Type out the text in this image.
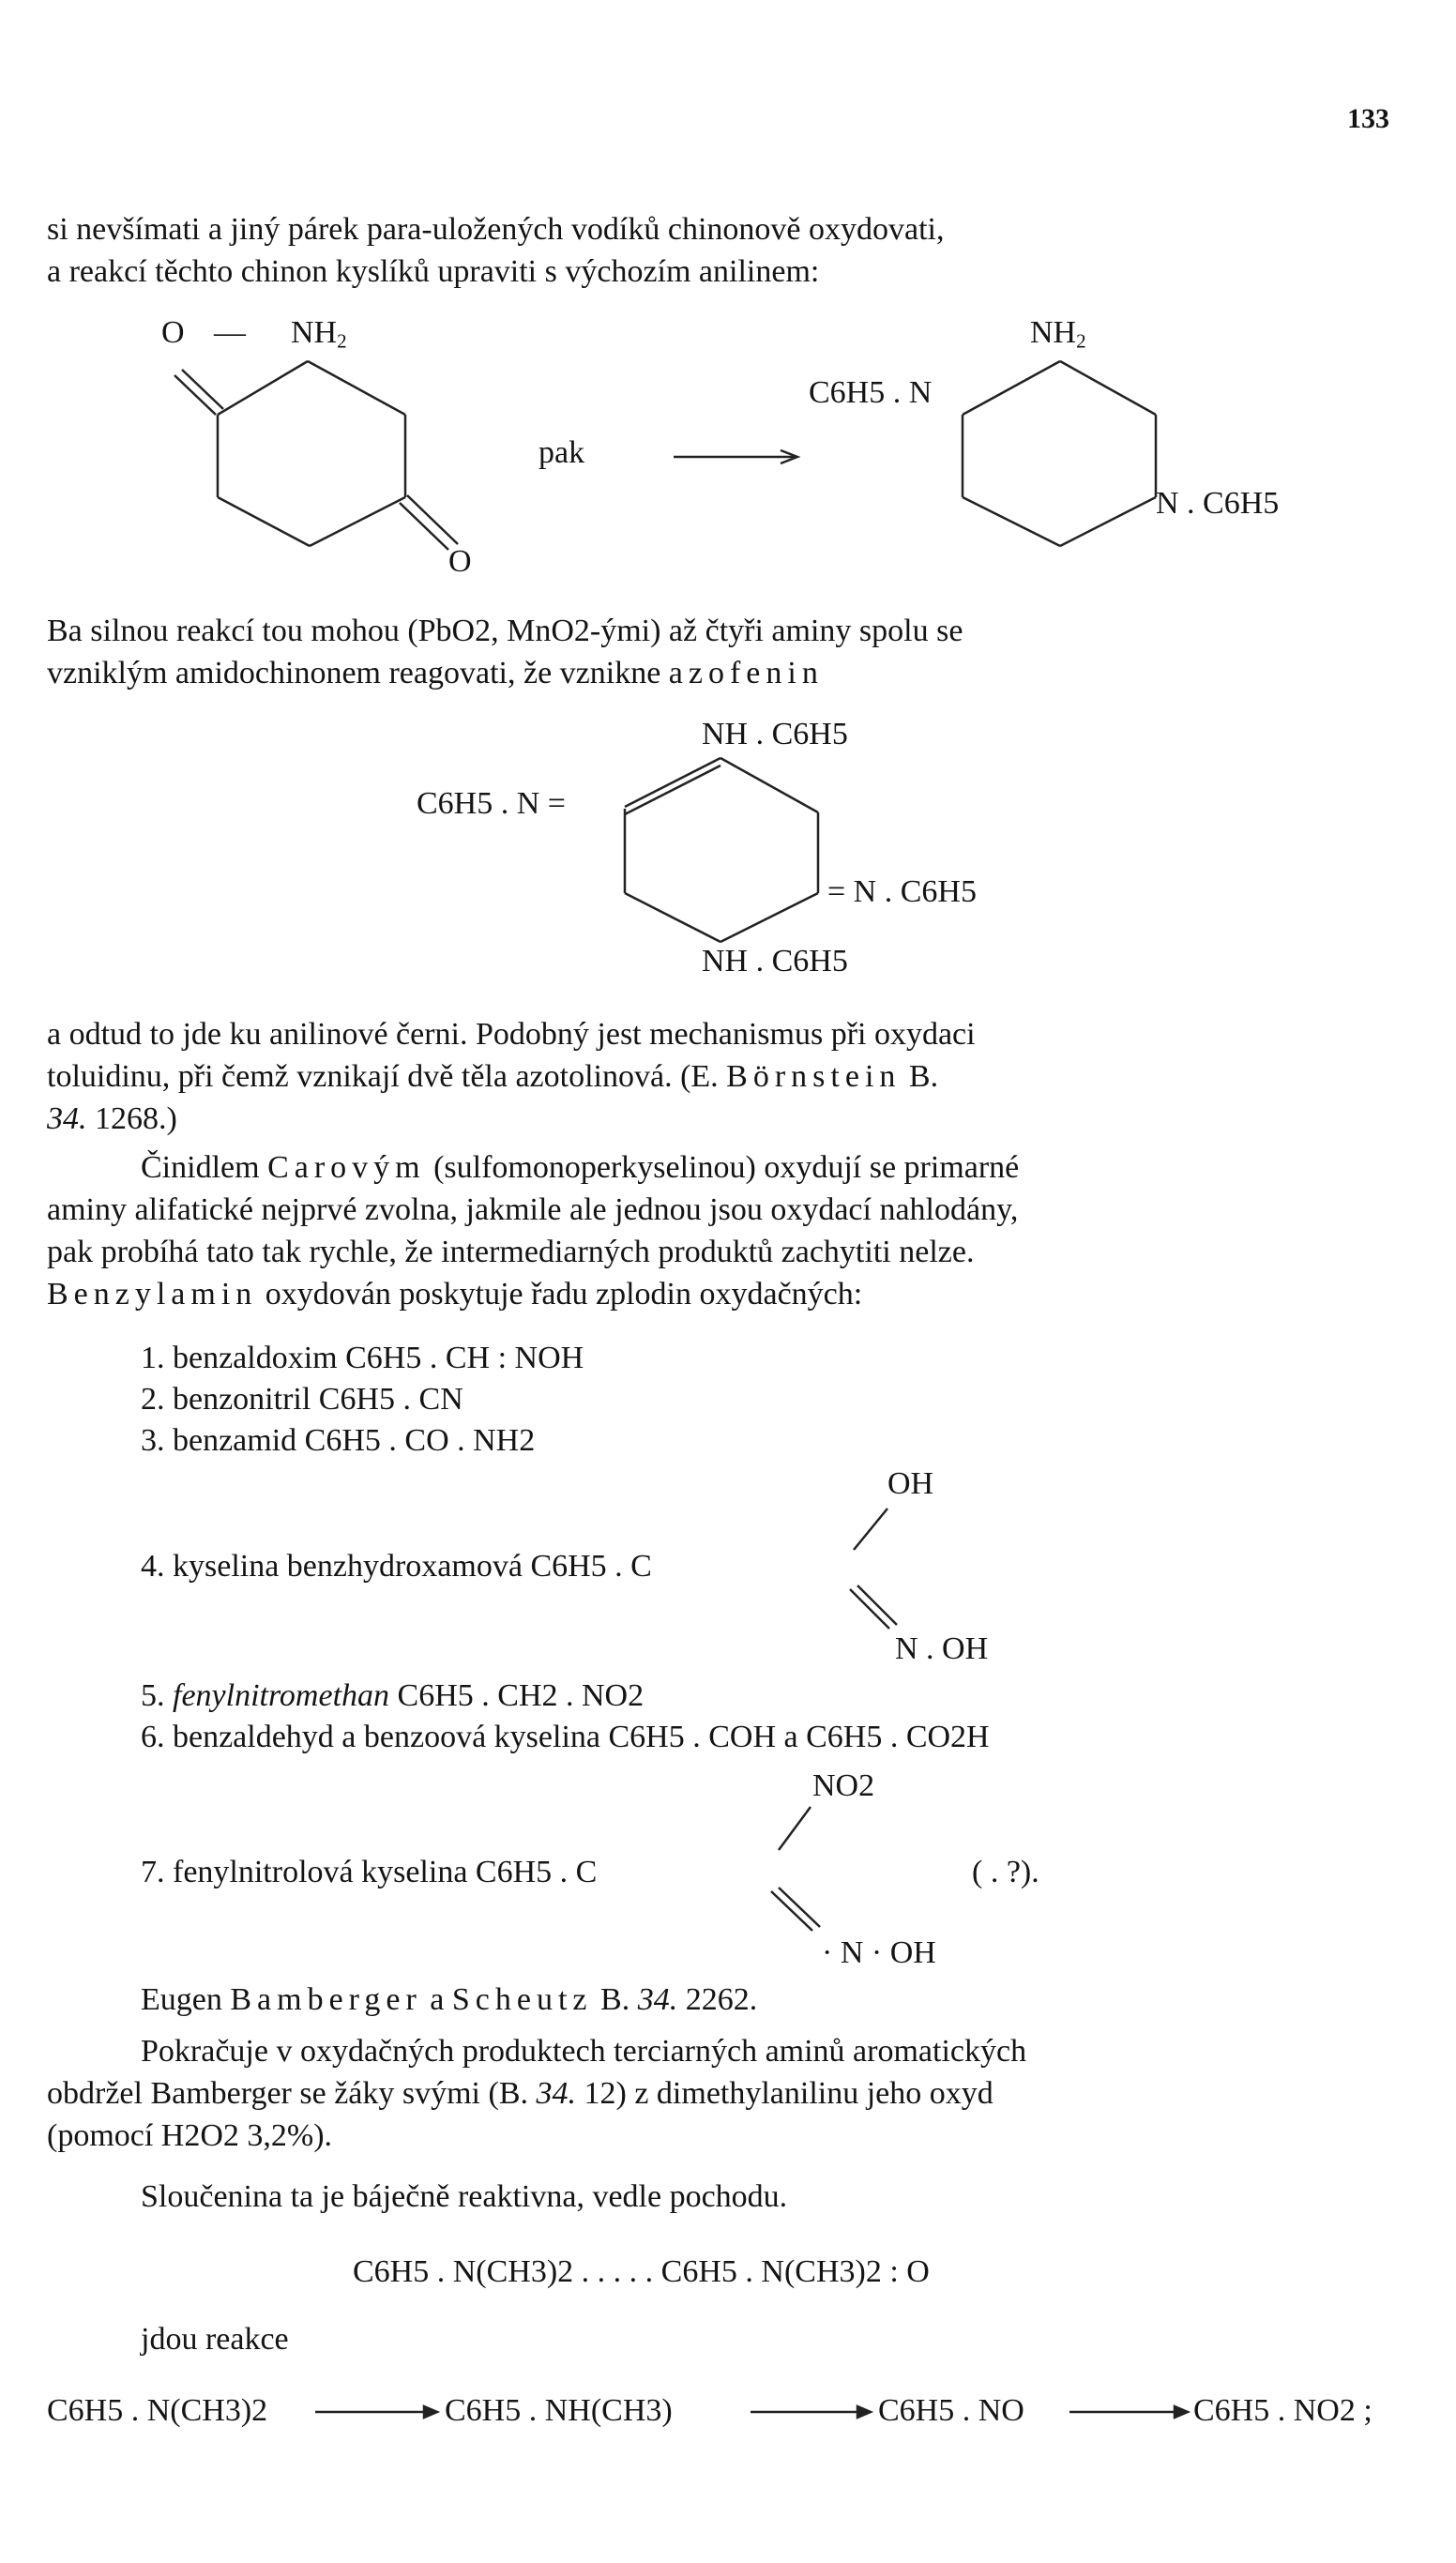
133

si nevšímati a jiný párek para-uložených vodíků chinonově oxydovati,

a reakcí těchto chinon kyslíků upraviti s výchozím anilinem:

O — $NH_2$
O
pak
$NH_2$
C6H5 . N
N . C6H5

Ba silnou reakcí tou mohou (PbO2, MnO2-ými) až čtyři aminy spolu se

vzniklým amidochinonem reagovati, že vznikne azofenin

NH . C6H5
C6H5 . N =
= N . C6H5
NH . C6H5

a odtud to jde ku anilinové černi. Podobný jest mechanismus při oxydaci

toluidinu, při čemž vznikají dvě těla azotolinová. (E. Börnstein B.

34. 1268.)

Činidlem Carovým (sulfomonoperkyselinou) oxydují se primarné

aminy alifatické nejprvé zvolna, jakmile ale jednou jsou oxydací nahlodány,

pak probíhá tato tak rychle, že intermediarných produktů zachytiti nelze.

Benzylamin oxydován poskytuje řadu zplodin oxydačných:

1. benzaldoxim C6H5 . CH : NOH
2. benzonitril C6H5 . CN
3. benzamid C6H5 . CO . NH2
OH
4. kyselina benzhydroxamová C6H5 . C
N . OH
5. fenylnitromethan C6H5 . CH2 . NO2
6. benzaldehyd a benzoová kyselina C6H5 . COH a C6H5 . CO2H
NO2
7. fenylnitrolová kyselina C6H5 . C	( . ?).
· N · OH
Eugen Bamberger a Scheutz B. 34. 2262.

Pokračuje v oxydačných produktech terciarných aminů aromatických

obdržel Bamberger se žáky svými (B. 34. 12) z dimethylanilinu jeho oxyd

(pomocí H2O2 3,2%).

Sloučenina ta je báječně reaktivna, vedle pochodu.
C6H5 . N(CH3)2 . . . . . C6H5 . N(CH3)2 : O
jdou reakce
C6H5 . N(CH3)2	C6H5 . NH(CH3)	C6H5 . NO	C6H5 . NO2 ;
